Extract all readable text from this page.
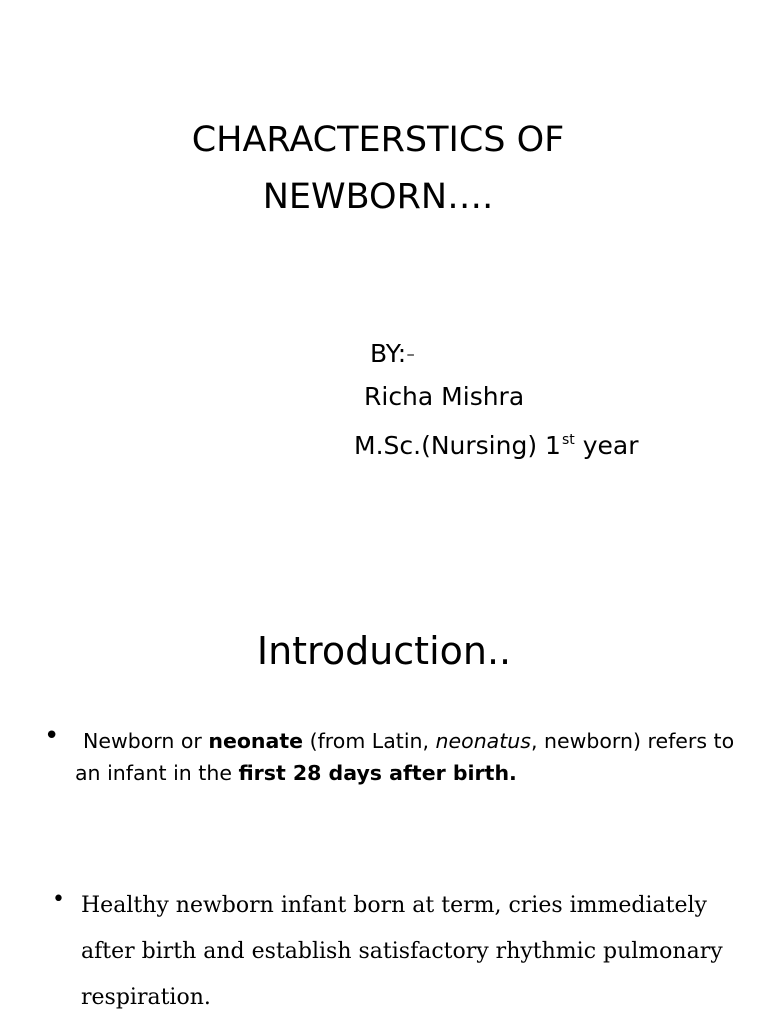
CHARACTERSTICS OF
NEWBORN….
BY:-
Richa Mishra
M.Sc.(Nursing) 1st year
Introduction..
•	Newborn or neonate (from Latin, neonatus, newborn) refers to an infant in the first 28 days after birth.
• Healthy newborn infant born at term, cries immediately after birth and establish satisfactory rhythmic pulmonary respiration.
